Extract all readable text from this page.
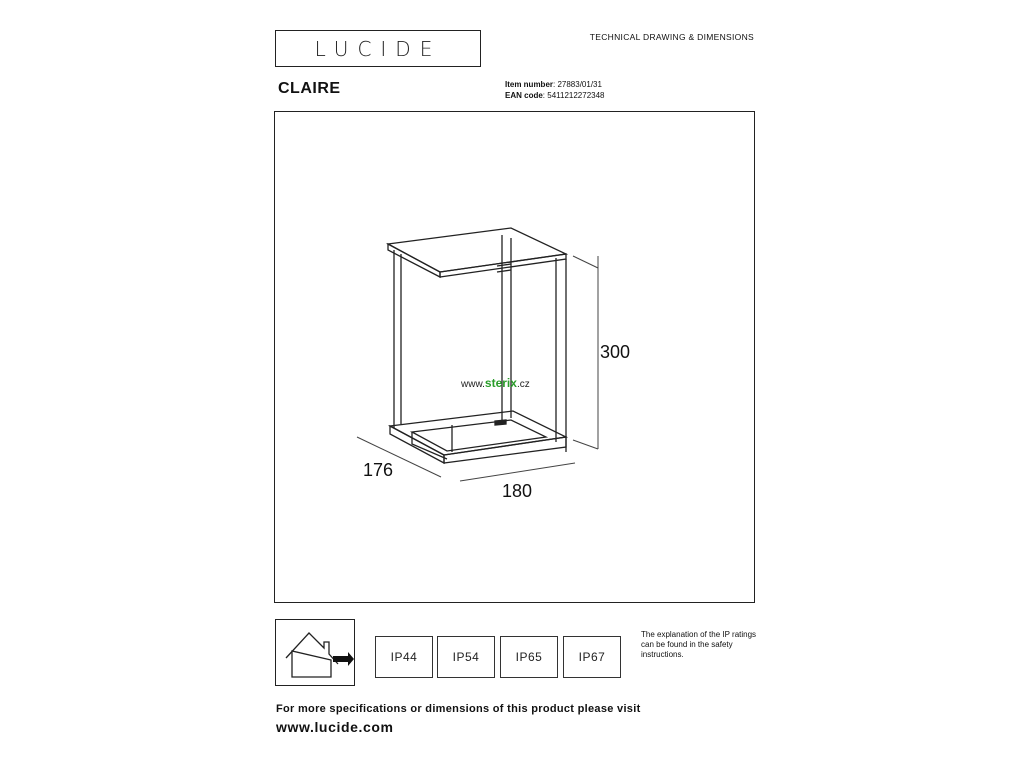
LUCIDE	TECHNICAL DRAWING & DIMENSIONS
CLAIRE	Item number: 27883/01/31
EAN code: 5411212272348
300
176
180
www.sterix.cz
IP44	IP54	IP65	IP67
The explanation of the IP ratings can be found in the safety instructions.
For more specifications or dimensions of this product please visit
www.lucide.com
